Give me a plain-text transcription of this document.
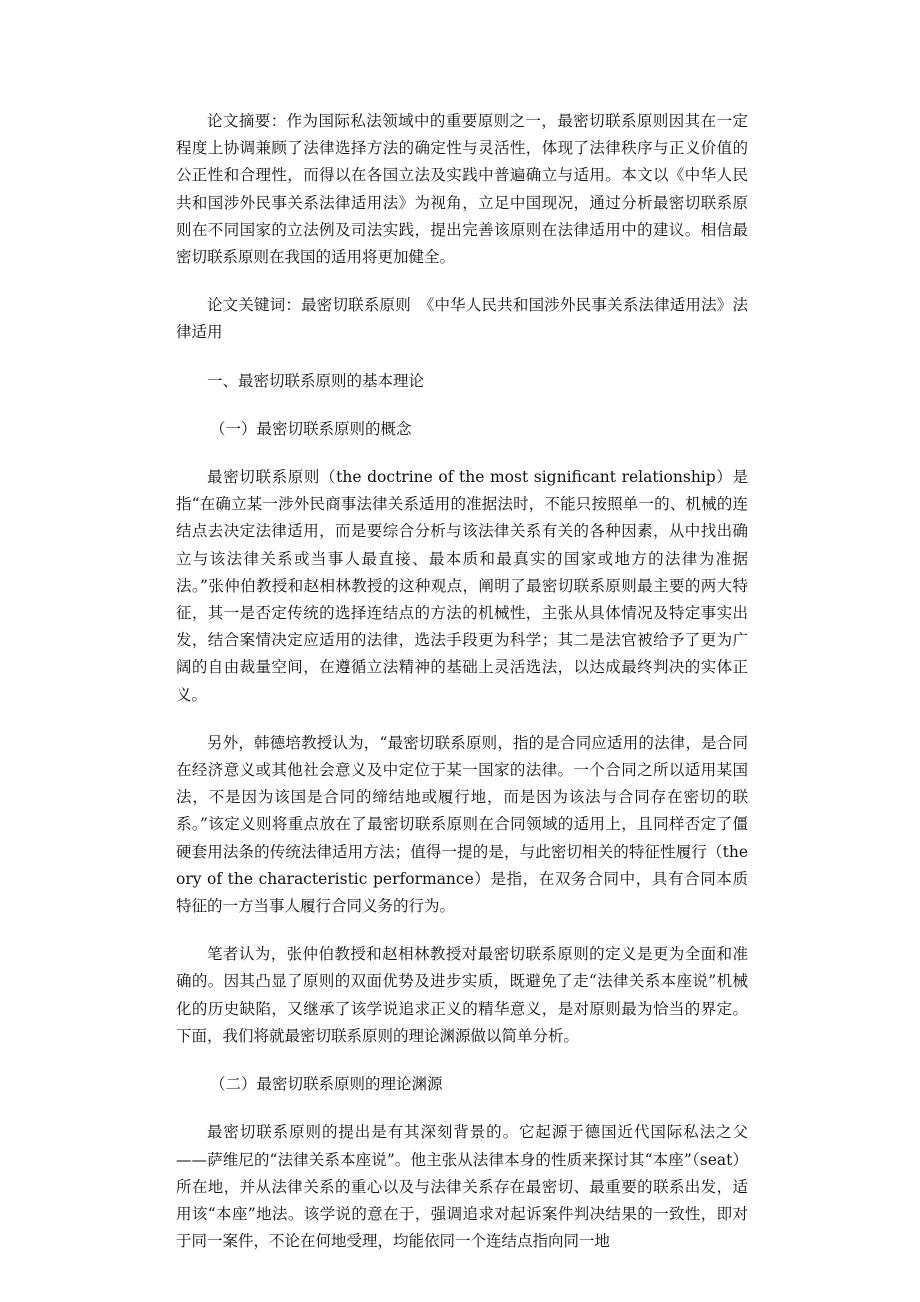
论文摘要：作为国际私法领域中的重要原则之一，最密切联系原则因其在一定程度上协调兼顾了法律选择方法的确定性与灵活性，体现了法律秩序与正义价值的公正性和合理性，而得以在各国立法及实践中普遍确立与适用。本文以《中华人民共和国涉外民事关系法律适用法》为视角，立足中国现况，通过分析最密切联系原则在不同国家的立法例及司法实践，提出完善该原则在法律适用中的建议。相信最密切联系原则在我国的适用将更加健全。

论文关键词：最密切联系原则　《中华人民共和国涉外民事关系法律适用法》法律适用

一、最密切联系原则的基本理论

（一）最密切联系原则的概念

最密切联系原则（the doctrine of the most significant relationship）是指“在确立某一涉外民商事法律关系适用的准据法时，不能只按照单一的、机械的连结点去决定法律适用，而是要综合分析与该法律关系有关的各种因素，从中找出确立与该法律关系或当事人最直接、最本质和最真实的国家或地方的法律为准据法。”张仲伯教授和赵相林教授的这种观点，阐明了最密切联系原则最主要的两大特征，其一是否定传统的选择连结点的方法的机械性，主张从具体情况及特定事实出发，结合案情决定应适用的法律，选法手段更为科学；其二是法官被给予了更为广阔的自由裁量空间，在遵循立法精神的基础上灵活选法，以达成最终判决的实体正义。

另外，韩德培教授认为，“最密切联系原则，指的是合同应适用的法律，是合同在经济意义或其他社会意义及中定位于某一国家的法律。一个合同之所以适用某国法，不是因为该国是合同的缔结地或履行地，而是因为该法与合同存在密切的联系。”该定义则将重点放在了最密切联系原则在合同领域的适用上，且同样否定了僵硬套用法条的传统法律适用方法；值得一提的是，与此密切相关的特征性履行（theory of the characteristic performance）是指，在双务合同中，具有合同本质特征的一方当事人履行合同义务的行为。

笔者认为，张仲伯教授和赵相林教授对最密切联系原则的定义是更为全面和准确的。因其凸显了原则的双面优势及进步实质，既避免了走“法律关系本座说”机械化的历史缺陷，又继承了该学说追求正义的精华意义，是对原则最为恰当的界定。下面，我们将就最密切联系原则的理论渊源做以简单分析。

（二）最密切联系原则的理论渊源

最密切联系原则的提出是有其深刻背景的。它起源于德国近代国际私法之父——萨维尼的“法律关系本座说”。他主张从法律本身的性质来探讨其“本座”（seat）所在地，并从法律关系的重心以及与法律关系存在最密切、最重要的联系出发，适用该“本座”地法。该学说的意在于，强调追求对起诉案件判决结果的一致性，即对于同一案件，不论在何地受理，均能依同一个连结点指向同一地
